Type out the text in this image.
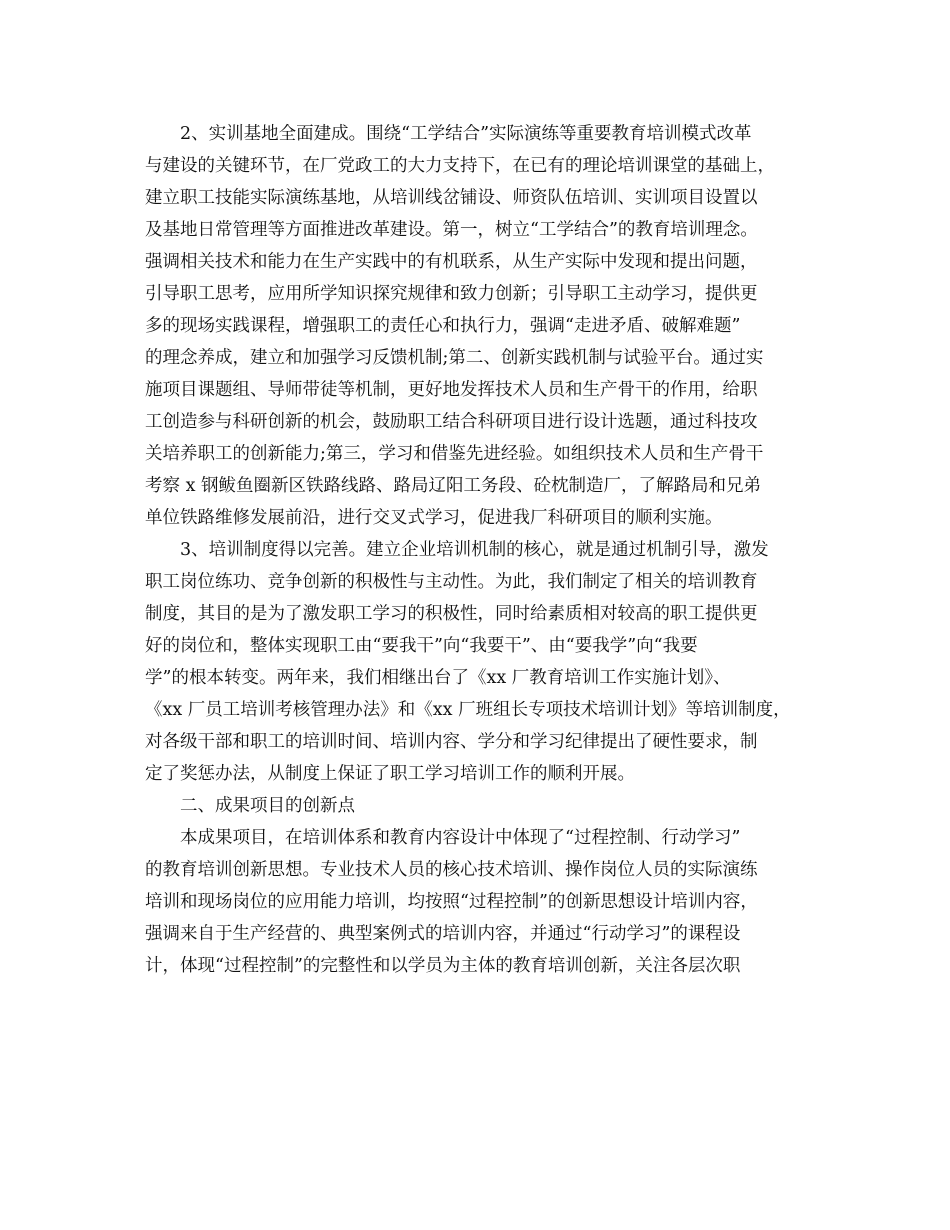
2、实训基地全面建成。围绕“工学结合”实际演练等重要教育培训模式改革
与建设的关键环节，在厂党政工的大力支持下，在已有的理论培训课堂的基础上，
建立职工技能实际演练基地，从培训线岔铺设、师资队伍培训、实训项目设置以
及基地日常管理等方面推进改革建设。第一，树立“工学结合”的教育培训理念。
强调相关技术和能力在生产实践中的有机联系，从生产实际中发现和提出问题，
引导职工思考，应用所学知识探究规律和致力创新；引导职工主动学习，提供更
多的现场实践课程，增强职工的责任心和执行力，强调“走进矛盾、破解难题”
的理念养成，建立和加强学习反馈机制;第二、创新实践机制与试验平台。通过实
施项目课题组、导师带徒等机制，更好地发挥技术人员和生产骨干的作用，给职
工创造参与科研创新的机会，鼓励职工结合科研项目进行设计选题，通过科技攻
关培养职工的创新能力;第三，学习和借鉴先进经验。如组织技术人员和生产骨干
考察 x 钢鲅鱼圈新区铁路线路、路局辽阳工务段、砼枕制造厂，了解路局和兄弟
单位铁路维修发展前沿，进行交叉式学习，促进我厂科研项目的顺利实施。
3、培训制度得以完善。建立企业培训机制的核心，就是通过机制引导，激发
职工岗位练功、竞争创新的积极性与主动性。为此，我们制定了相关的培训教育
制度，其目的是为了激发职工学习的积极性，同时给素质相对较高的职工提供更
好的岗位和，整体实现职工由“要我干”向“我要干”、由“要我学”向“我要
学”的根本转变。两年来，我们相继出台了《xx 厂教育培训工作实施计划》、
《xx 厂员工培训考核管理办法》和《xx 厂班组长专项技术培训计划》等培训制度，
对各级干部和职工的培训时间、培训内容、学分和学习纪律提出了硬性要求，制
定了奖惩办法，从制度上保证了职工学习培训工作的顺利开展。
二、成果项目的创新点
本成果项目，在培训体系和教育内容设计中体现了“过程控制、行动学习”
的教育培训创新思想。专业技术人员的核心技术培训、操作岗位人员的实际演练
培训和现场岗位的应用能力培训，均按照“过程控制”的创新思想设计培训内容，
强调来自于生产经营的、典型案例式的培训内容，并通过“行动学习”的课程设
计，体现“过程控制”的完整性和以学员为主体的教育培训创新，关注各层次职
